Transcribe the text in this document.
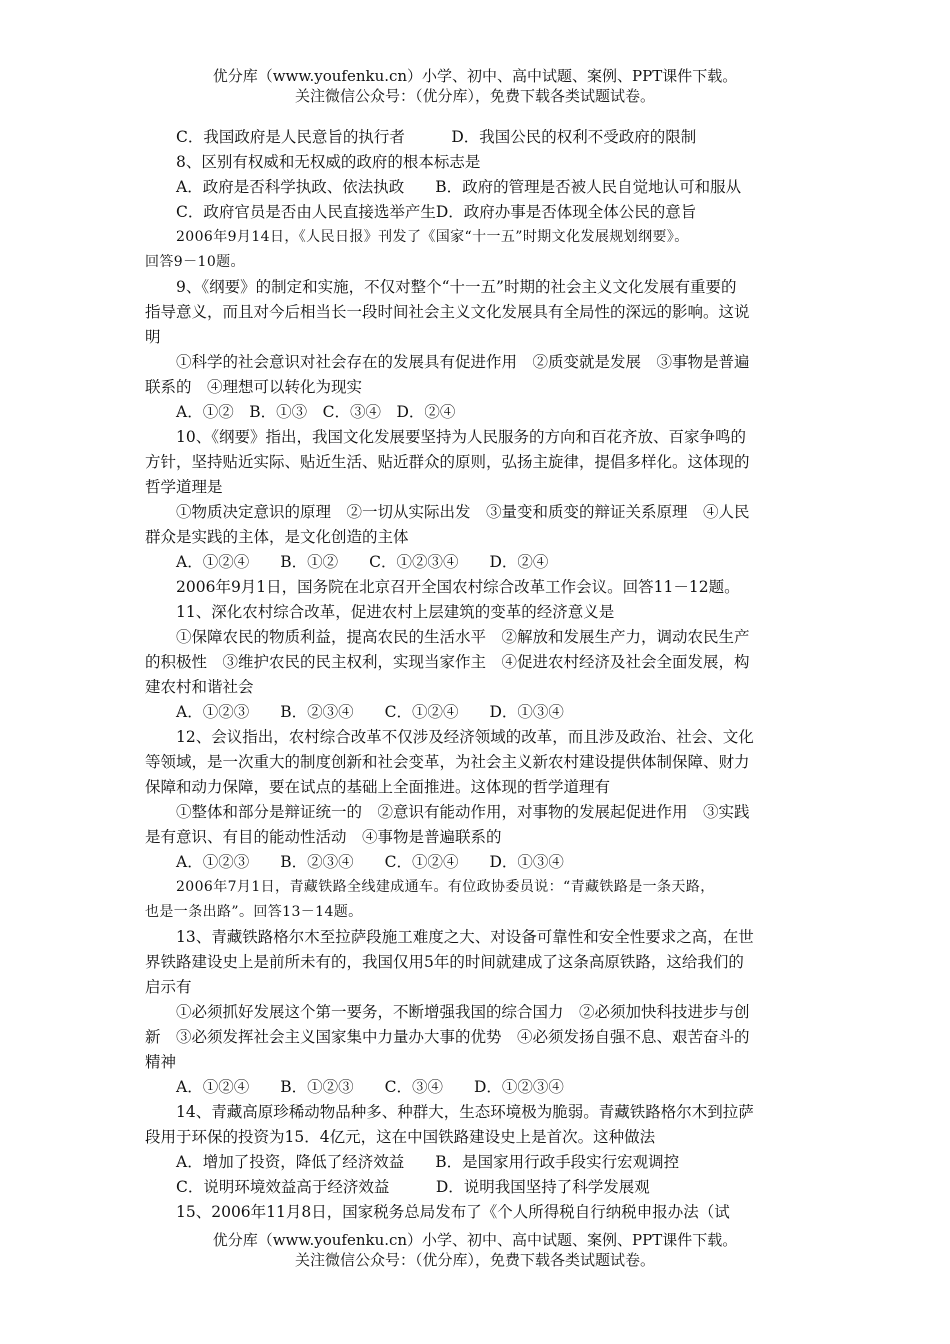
优分库（www.youfenku.cn）小学、初中、高中试题、案例、PPT课件下载。
关注微信公众号：（优分库），免费下载各类试题试卷。
C．我国政府是人民意旨的执行者　　　D．我国公民的权利不受政府的限制
8、区别有权威和无权威的政府的根本标志是
A．政府是否科学执政、依法执政　　B．政府的管理是否被人民自觉地认可和服从
C．政府官员是否由人民直接选举产生D．政府办事是否体现全体公民的意旨
2006年9月14日，《人民日报》刊发了《国家“十一五”时期文化发展规划纲要》。
回答9－10题。
9、《纲要》的制定和实施，不仅对整个“十一五”时期的社会主义文化发展有重要的
指导意义，而且对今后相当长一段时间社会主义文化发展具有全局性的深远的影响。这说
明
①科学的社会意识对社会存在的发展具有促进作用　②质变就是发展　③事物是普遍
联系的　④理想可以转化为现实
A．①②　B．①③　C．③④　D．②④
10、《纲要》指出，我国文化发展要坚持为人民服务的方向和百花齐放、百家争鸣的
方针，坚持贴近实际、贴近生活、贴近群众的原则，弘扬主旋律，提倡多样化。这体现的
哲学道理是
①物质决定意识的原理　②一切从实际出发　③量变和质变的辩证关系原理　④人民
群众是实践的主体，是文化创造的主体
A．①②④　　B．①②　　C．①②③④　　D．②④
2006年9月1日，国务院在北京召开全国农村综合改革工作会议。回答11－12题。
11、深化农村综合改革，促进农村上层建筑的变革的经济意义是
①保障农民的物质利益，提高农民的生活水平　②解放和发展生产力，调动农民生产
的积极性　③维护农民的民主权利，实现当家作主　④促进农村经济及社会全面发展，构
建农村和谐社会
A．①②③　　B．②③④　　C．①②④　　D．①③④
12、会议指出，农村综合改革不仅涉及经济领域的改革，而且涉及政治、社会、文化
等领域，是一次重大的制度创新和社会变革，为社会主义新农村建设提供体制保障、财力
保障和动力保障，要在试点的基础上全面推进。这体现的哲学道理有
①整体和部分是辩证统一的　②意识有能动作用，对事物的发展起促进作用　③实践
是有意识、有目的能动性活动　④事物是普遍联系的
A．①②③　　B．②③④　　C．①②④　　D．①③④
2006年7月1日，青藏铁路全线建成通车。有位政协委员说：“青藏铁路是一条天路，
也是一条出路”。回答13－14题。
13、青藏铁路格尔木至拉萨段施工难度之大、对设备可靠性和安全性要求之高，在世
界铁路建设史上是前所未有的，我国仅用5年的时间就建成了这条高原铁路，这给我们的
启示有
①必须抓好发展这个第一要务，不断增强我国的综合国力　②必须加快科技进步与创
新　③必须发挥社会主义国家集中力量办大事的优势　④必须发扬自强不息、艰苦奋斗的
精神
A．①②④　　B．①②③　　C．③④　　D．①②③④
14、青藏高原珍稀动物品种多、种群大，生态环境极为脆弱。青藏铁路格尔木到拉萨
段用于环保的投资为15．4亿元，这在中国铁路建设史上是首次。这种做法
A．增加了投资，降低了经济效益　　B．是国家用行政手段实行宏观调控
C．说明环境效益高于经济效益　　　D．说明我国坚持了科学发展观
15、2006年11月8日，国家税务总局发布了《个人所得税自行纳税申报办法（试
优分库（www.youfenku.cn）小学、初中、高中试题、案例、PPT课件下载。
关注微信公众号：（优分库），免费下载各类试题试卷。
